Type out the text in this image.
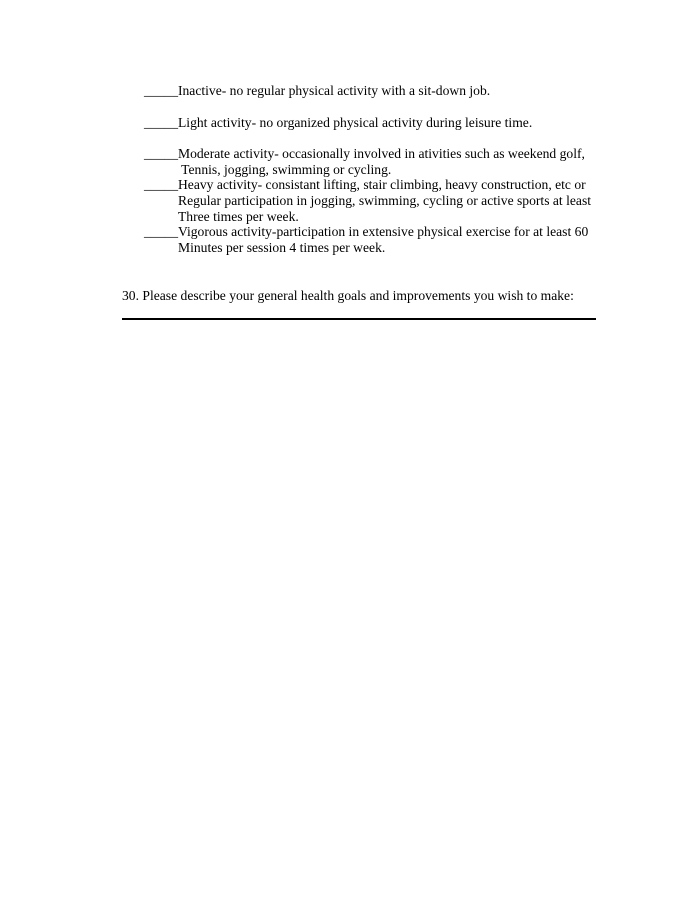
_____Inactive- no regular physical activity with a sit-down job.
_____Light activity- no organized physical activity during leisure time.
_____Moderate activity- occasionally involved in ativities such as weekend golf,
Tennis, jogging, swimming or cycling.
_____Heavy activity- consistant lifting, stair climbing, heavy construction, etc or
Regular participation in jogging, swimming, cycling or active sports at least
Three times per week.
_____Vigorous activity-participation in extensive physical exercise for at least 60
Minutes per session 4 times per week.
30. Please describe your general health goals and improvements you wish to make:
